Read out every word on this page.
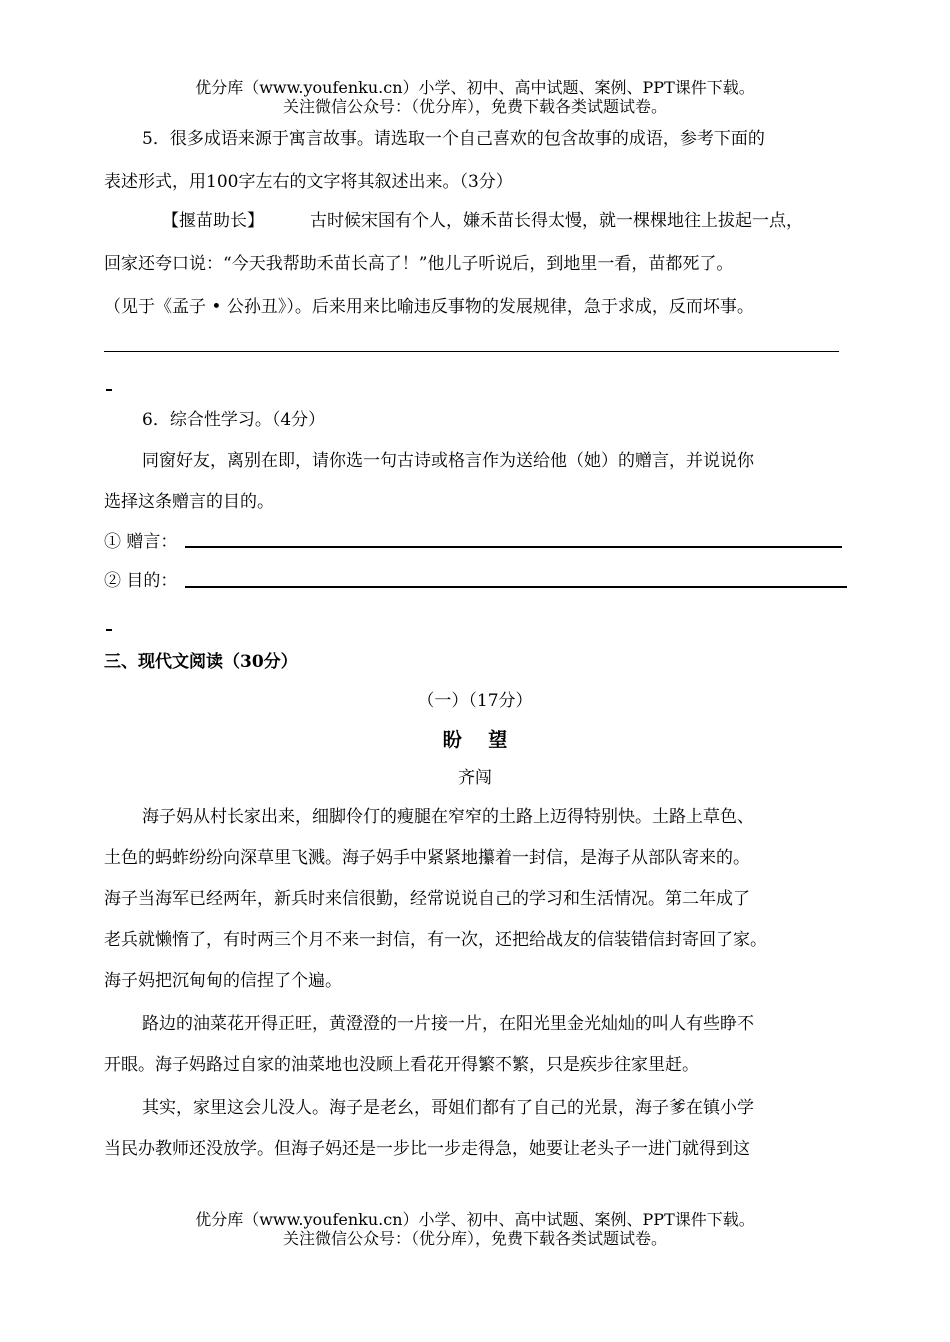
优分库（www.youfenku.cn）小学、初中、高中试题、案例、PPT课件下载。
关注微信公众号：（优分库），免费下载各类试题试卷。
5．很多成语来源于寓言故事。请选取一个自己喜欢的包含故事的成语，参考下面的
表述形式，用100字左右的文字将其叙述出来。（3分）
【揠苗助长】	古时候宋国有个人，嫌禾苗长得太慢，就一棵棵地往上拔起一点，
回家还夸口说：“今天我帮助禾苗长高了！”他儿子听说后，到地里一看，苗都死了。
（见于《孟子 • 公孙丑》）。后来用来比喻违反事物的发展规律，急于求成，反而坏事。
6．综合性学习。（4分）
同窗好友，离别在即，请你选一句古诗或格言作为送给他（她）的赠言，并说说你
选择这条赠言的目的。
① 赠言：
② 目的：
三、现代文阅读（30分）
（一）（17分）
盼    望
齐闯
海子妈从村长家出来，细脚伶仃的瘦腿在窄窄的土路上迈得特别快。土路上草色、
土色的蚂蚱纷纷向深草里飞溅。海子妈手中紧紧地攥着一封信，是海子从部队寄来的。
海子当海军已经两年，新兵时来信很勤，经常说说自己的学习和生活情况。第二年成了
老兵就懒惰了，有时两三个月不来一封信，有一次，还把给战友的信装错信封寄回了家。
海子妈把沉甸甸的信捏了个遍。
路边的油菜花开得正旺，黄澄澄的一片接一片，在阳光里金光灿灿的叫人有些睁不
开眼。海子妈路过自家的油菜地也没顾上看花开得繁不繁，只是疾步往家里赶。
其实，家里这会儿没人。海子是老幺，哥姐们都有了自己的光景，海子爹在镇小学
当民办教师还没放学。但海子妈还是一步比一步走得急，她要让老头子一进门就得到这
优分库（www.youfenku.cn）小学、初中、高中试题、案例、PPT课件下载。
关注微信公众号：（优分库），免费下载各类试题试卷。
